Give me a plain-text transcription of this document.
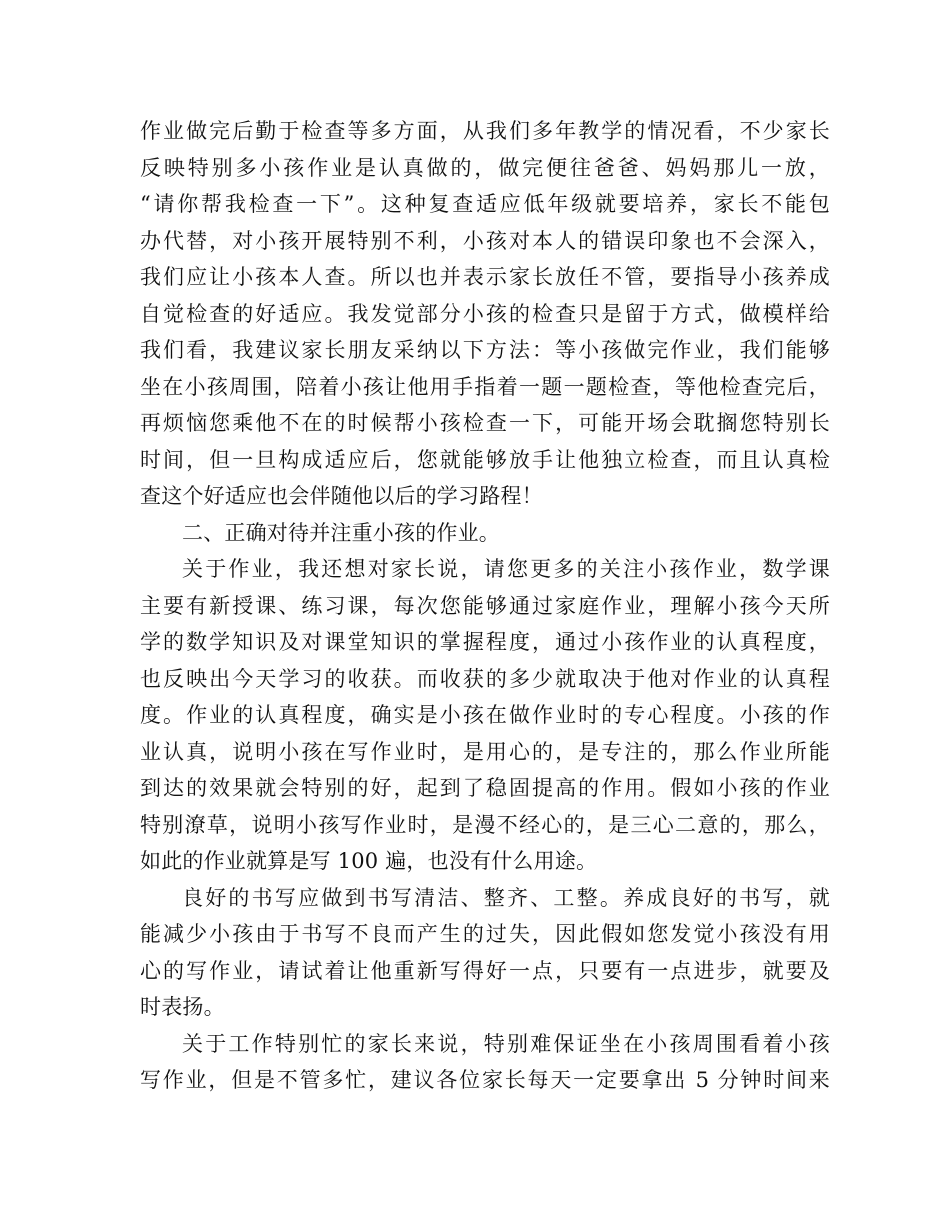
作业做完后勤于检查等多方面，从我们多年教学的情况看，不少家长
反映特别多小孩作业是认真做的，做完便往爸爸、妈妈那儿一放，
“请你帮我检查一下”。这种复查适应低年级就要培养，家长不能包
办代替，对小孩开展特别不利，小孩对本人的错误印象也不会深入，
我们应让小孩本人查。所以也并表示家长放任不管，要指导小孩养成
自觉检查的好适应。我发觉部分小孩的检查只是留于方式，做模样给
我们看，我建议家长朋友采纳以下方法：等小孩做完作业，我们能够
坐在小孩周围，陪着小孩让他用手指着一题一题检查，等他检查完后，
再烦恼您乘他不在的时候帮小孩检查一下，可能开场会耽搁您特别长
时间，但一旦构成适应后，您就能够放手让他独立检查，而且认真检
查这个好适应也会伴随他以后的学习路程！
二、正确对待并注重小孩的作业。
关于作业，我还想对家长说，请您更多的关注小孩作业，数学课
主要有新授课、练习课，每次您能够通过家庭作业，理解小孩今天所
学的数学知识及对课堂知识的掌握程度，通过小孩作业的认真程度，
也反映出今天学习的收获。而收获的多少就取决于他对作业的认真程
度。作业的认真程度，确实是小孩在做作业时的专心程度。小孩的作
业认真，说明小孩在写作业时，是用心的，是专注的，那么作业所能
到达的效果就会特别的好，起到了稳固提高的作用。假如小孩的作业
特别潦草，说明小孩写作业时，是漫不经心的，是三心二意的，那么，
如此的作业就算是写 100 遍，也没有什么用途。
良好的书写应做到书写清洁、整齐、工整。养成良好的书写，就
能减少小孩由于书写不良而产生的过失，因此假如您发觉小孩没有用
心的写作业，请试着让他重新写得好一点，只要有一点进步，就要及
时表扬。
关于工作特别忙的家长来说，特别难保证坐在小孩周围看着小孩
写作业，但是不管多忙，建议各位家长每天一定要拿出 5 分钟时间来
